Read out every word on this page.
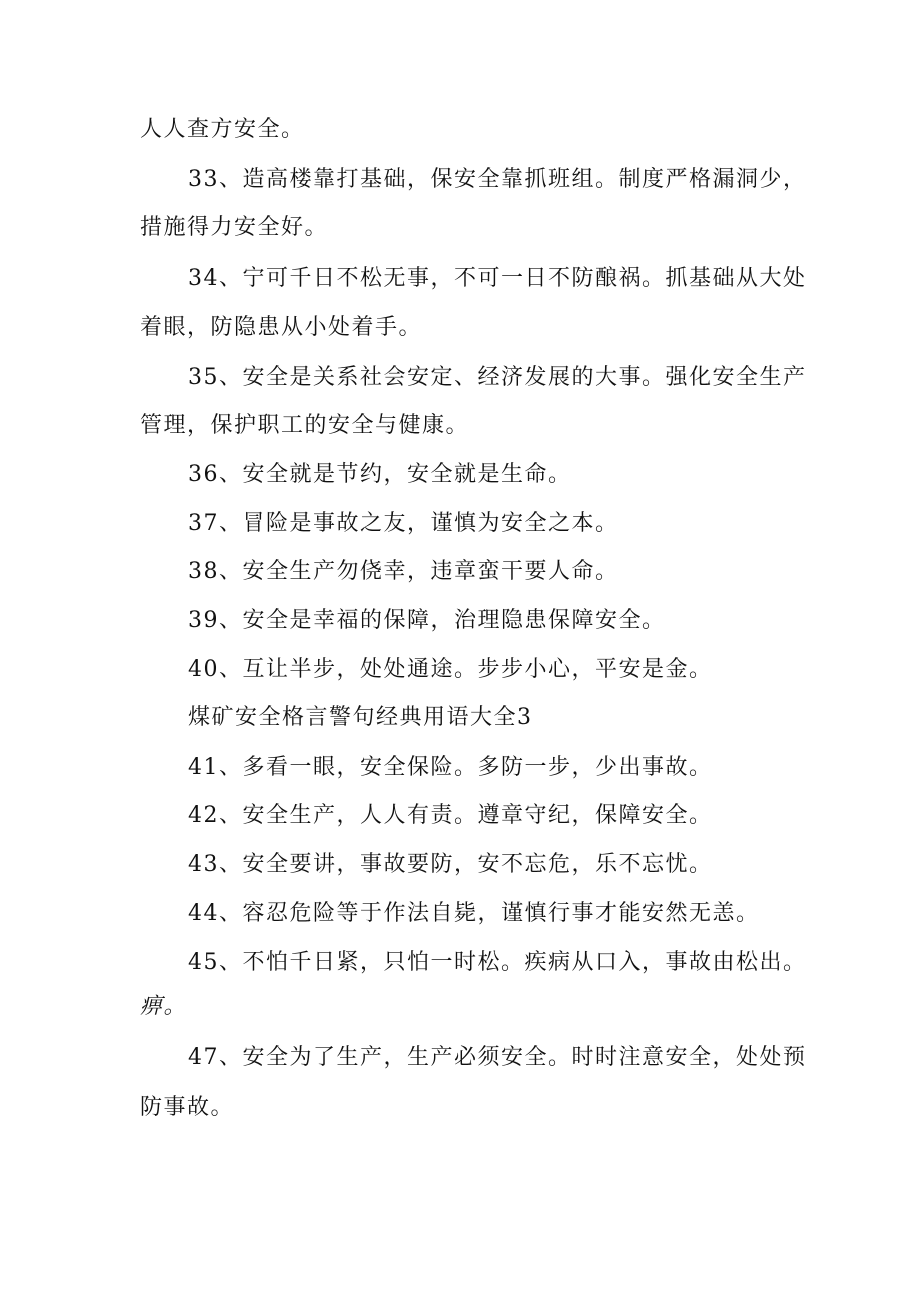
人人查方安全。
33、造高楼靠打基础，保安全靠抓班组。制度严格漏洞少，
措施得力安全好。
34、宁可千日不松无事，不可一日不防酿祸。抓基础从大处
着眼，防隐患从小处着手。
35、安全是关系社会安定、经济发展的大事。强化安全生产
管理，保护职工的安全与健康。
36、安全就是节约，安全就是生命。
37、冒险是事故之友，谨慎为安全之本。
38、安全生产勿侥幸，违章蛮干要人命。
39、安全是幸福的保障，治理隐患保障安全。
40、互让半步，处处通途。步步小心，平安是金。
煤矿安全格言警句经典用语大全3
41、多看一眼，安全保险。多防一步，少出事故。
42、安全生产，人人有责。遵章守纪，保障安全。
43、安全要讲，事故要防，安不忘危，乐不忘忧。
44、容忍危险等于作法自毙，谨慎行事才能安然无恙。
45、不怕千日紧，只怕一时松。疾病从口入，事故由松出。
痹。
47、安全为了生产，生产必须安全。时时注意安全，处处预
防事故。
